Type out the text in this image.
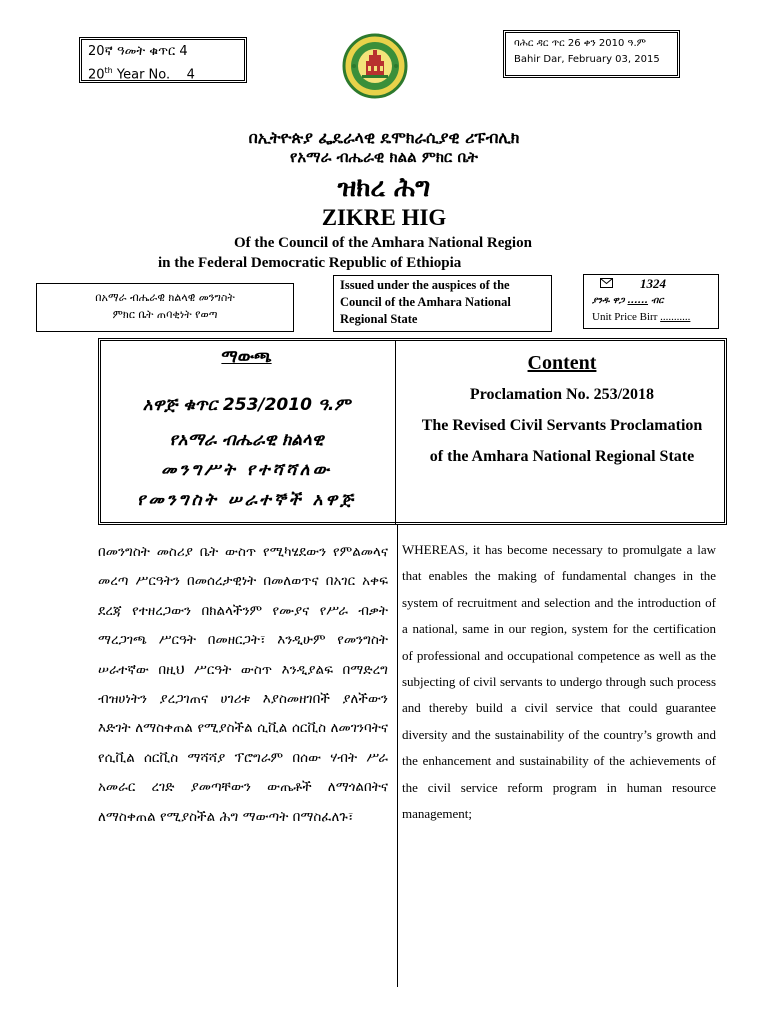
20ኛ ዓመት ቁጥር 4
20th Year No.    4
ባሕር ዳር ጥር 26 ቀን 2010 ዓ.ም
Bahir Dar, February 03, 2015
በኢትዮጵያ ፌዴራላዊ ዴሞክራሲያዊ ሪፑብሊክ
የአማራ ብሔራዊ ክልል ምክር ቤት
ዝክረ ሕግ
ZIKRE HIG
Of the Council of the Amhara National Region
in the Federal Democratic Republic of Ethiopia
በአማራ ብሔራዊ ክልላዊ መንግስት
ምክር ቤት ጠባቂነት የወጣ
Issued under the auspices of the Council of the Amhara National Regional State
1324
ያንዱ ዋጋ ...... ብር
Unit Price Birr ...........
ማውጫ
አዋጅ ቁጥር 253/2010 ዓ.ም
የአማራ ብሔራዊ ክልላዊ
መንግሥት የተሻሻለው
የመንግስት ሠራተኞች አዋጅ
Content
Proclamation No. 253/2018
The Revised Civil Servants Proclamation
of the Amhara National Regional State
በመንግስት መስሪያ ቤት ውስጥ የሚካሄደውን የምልመላና መረጣ ሥርዓትን በመሰረታዊነት በመለወጥና በአገር አቀፍ ደረጃ የተዘረጋውን በክልላችንም የሙያና የሥራ ብቃት ማረጋገጫ ሥርዓት በመዘርጋት፣ እንዲሁም የመንግስት ሠራተኛው በዚህ ሥርዓት ውስጥ እንዲያልፍ በማድረግ ብዝሀነትን ያረጋገጠና ሀገሪቱ እያስመዘገበች ያለችውን እድገት ለማስቀጠል የሚያስችል ሲቪል ሰርቪስ ለመገንባትና የሲቪል ሰርቪስ ማሻሻያ ፕሮግራም በሰው ሃብት ሥራ አመራር ረገድ ያመጣቸውን ውጤቶች ለማጎልበትና ለማስቀጠል የሚያስችል ሕግ ማውጣት በማስፈለጉ፣
WHEREAS, it has become necessary to promulgate a law that enables the making of fundamental changes in the system of recruitment and selection and the introduction of a national, same in our region, system for the certification of professional and occupational competence as well as the subjecting of civil servants to undergo through such process and thereby build a civil service that could guarantee diversity and the sustainability of the country’s growth and the enhancement and sustainability of the achievements of the civil service reform program in human resource management;
